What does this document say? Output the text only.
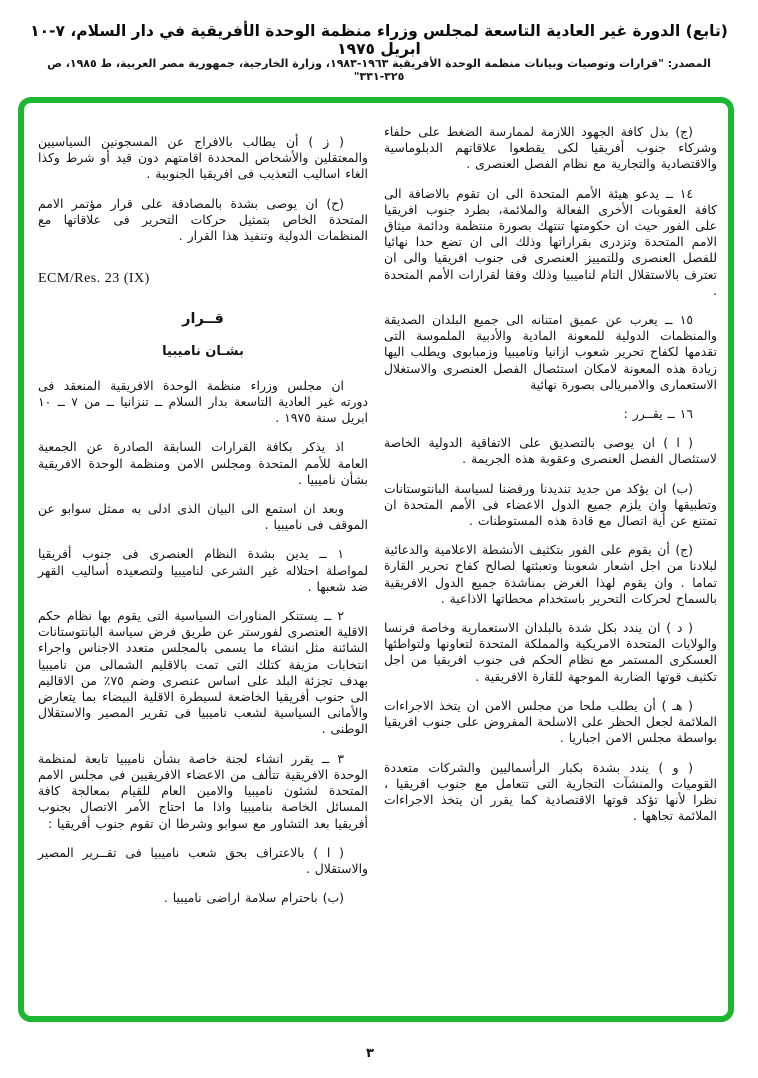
(تابع) الدورة غير العادية التاسعة لمجلس وزراء منظمة الوحدة الأفريقية في دار السلام، ٧-١٠ ابريل ١٩٧٥
المصدر: "قرارات وتوصيات وبيانات منظمة الوحدة الأفريقية ١٩٦٣-١٩٨٣، وزارة الخارجية، جمهورية مصر العربية، ط ١٩٨٥، ص ٣٢٥-٣٣١"

(ج) بذل كافة الجهود اللازمة لممارسة الضغط على حلفاء وشركاء جنوب أفريقيا لكى يقطعوا علاقاتهم الدبلوماسية والاقتصادية والتجارية مع نظام الفصل العنصرى .

١٤ ــ يدعو هيئة الأمم المتحدة الى ان تقوم بالاضافة الى كافة العقوبات الأخرى الفعالة والملائمة، بطرد جنوب افريقيا على الفور حيث ان حكومتها تنتهك بصورة منتظمة ودائمة ميثاق الامم المتحدة وتزدرى بقراراتها وذلك الى ان تضع حدا نهائيا للفصل العنصرى وللتمييز العنصرى فى جنوب افريقيا والى ان تعترف بالاستقلال التام لناميبيا وذلك وفقا لقرارات الأمم المتحدة .

١٥ ــ يعرب عن عميق امتنانه الى جميع البلدان الصديقة والمنظمات الدولية للمعونة المادية والأدبية الملموسة التى تقدمها لكفاح تحرير شعوب ازانيا وناميبيا وزمبابوى ويطلب اليها زيادة هذه المعونة لامكان استئصال الفصل العنصرى والاستغلال الاستعمارى والامبريالى بصورة نهائية

١٦ ــ يقــرر :

( ا ) ان يوصى بالتصديق على الاتفاقية الدولية الخاصة لاستئصال الفصل العنصرى وعقوبة هذه الجريمة .

(ب) ان يؤكد من جديد تنديدنا ورفضنا لسياسة البانتوستانات وتطبيقها وان يلزم جميع الدول الاعضاء فى الأمم المتحدة ان تمتنع عن أية اتصال مع قادة هذه المستوطنات .

(ج) أن يقوم على الفور بتكثيف الأنشطة الاعلامية والدعائية لبلادنا من اجل اشعار شعوبنا وتعبئتها لصالح كفاح تحرير القارة تماما . وان يقوم لهذا الغرض بمناشدة جميع الدول الافريقية بالسماح لحركات التحرير باستخدام محطاتها الاذاعية .

( د ) ان يندد بكل شدة بالبلدان الاستعمارية وخاصة فرنسا والولايات المتحدة الامريكية والمملكة المتحدة لتعاونها ولتواطئها العسكرى المستمر مع نظام الحكم فى جنوب افريقيا من اجل تكثيف قوتها الضاربة الموجهة للقارة الافريقية .

( هـ ) أن يطلب ملحا من مجلس الامن ان يتخذ الاجراءات الملائمة لجعل الحظر على الاسلحة المفروض على جنوب افريقيا بواسطة مجلس الامن اجباريا .

( و ) يندد بشدة بكبار الرأسماليين والشركات متعددة القوميات والمنشآت التجارية التى تتعامل مع جنوب افريقيا ، نظرا لأنها تؤكد قوتها الاقتصادية كما يقرر ان يتخذ الاجراءات الملائمة تجاهها .

( ز ) أن يطالب بالافراج عن المسجونين السياسيين والمعتقلين والأشخاص المحددة اقامتهم دون قيد أو شرط وكذا الغاء اساليب التعذيب فى افريقيا الجنوبية .

(ح) ان يوصى بشدة بالمصادقة على قرار مؤتمر الامم المتحدة الخاص بتمثيل حركات التحرير فى علاقاتها مع المنظمات الدولية وتنفيذ هذا القرار .

ECM/Res. 23 (IX)
قــرار
بشـان ناميبيا

ان مجلس وزراء منظمة الوحدة الافريقية المنعقد فى دورته غير العادية التاسعة بدار السلام ــ تنزانيا ــ من ٧ ــ ١٠ ابريل سنة ١٩٧٥ .

اذ يذكر بكافة القرارات السابقة الصادرة عن الجمعية العامة للأمم المتحدة ومجلس الامن ومنظمة الوحدة الافريقية بشأن ناميبيا .

وبعد ان استمع الى البيان الذى ادلى به ممثل سوابو عن الموقف فى ناميبيا .

١ ــ يدين بشدة النظام العنصرى فى جنوب أفريقيا لمواصلة احتلاله غير الشرعى لناميبيا ولتصعيده أساليب القهر ضد شعبها .

٢ ــ يستنكر المناورات السياسية التى يقوم بها نظام حكم الاقلية العنصرى لفورستر عن طريق فرض سياسة البانتوستانات الشائنة مثل انشاء ما يسمى بالمجلس متعدد الاجناس واجراء انتخابات مزيفة كتلك التى تمت بالاقليم الشمالى من ناميبيا بهدف تجزئة البلد على اساس عنصرى وضم ٧٥٪ من الاقاليم الى جنوب أفريقيا الخاضعة لسيطرة الاقلية البيضاء بما يتعارض والأمانى السياسية لشعب ناميبيا فى تقرير المصير والاستقلال الوطنى .

٣ ــ يقرر انشاء لجنة خاصة بشأن ناميبيا تابعة لمنظمة الوحدة الافريقية تتألف من الاعضاء الافريقيين فى مجلس الامم المتحدة لشئون ناميبيا والامين العام للقيام بمعالجة كافة المسائل الخاصة بناميبيا واذا ما احتاج الأمر الاتصال بجنوب أفريقيا بعد التشاور مع سوابو وشرطا ان تقوم جنوب أفريقيا :

( ا ) بالاعتراف بحق شعب ناميبيا فى تقــرير المصير والاستقلال .

(ب) باحترام سلامة اراضى ناميبيا .

٣
